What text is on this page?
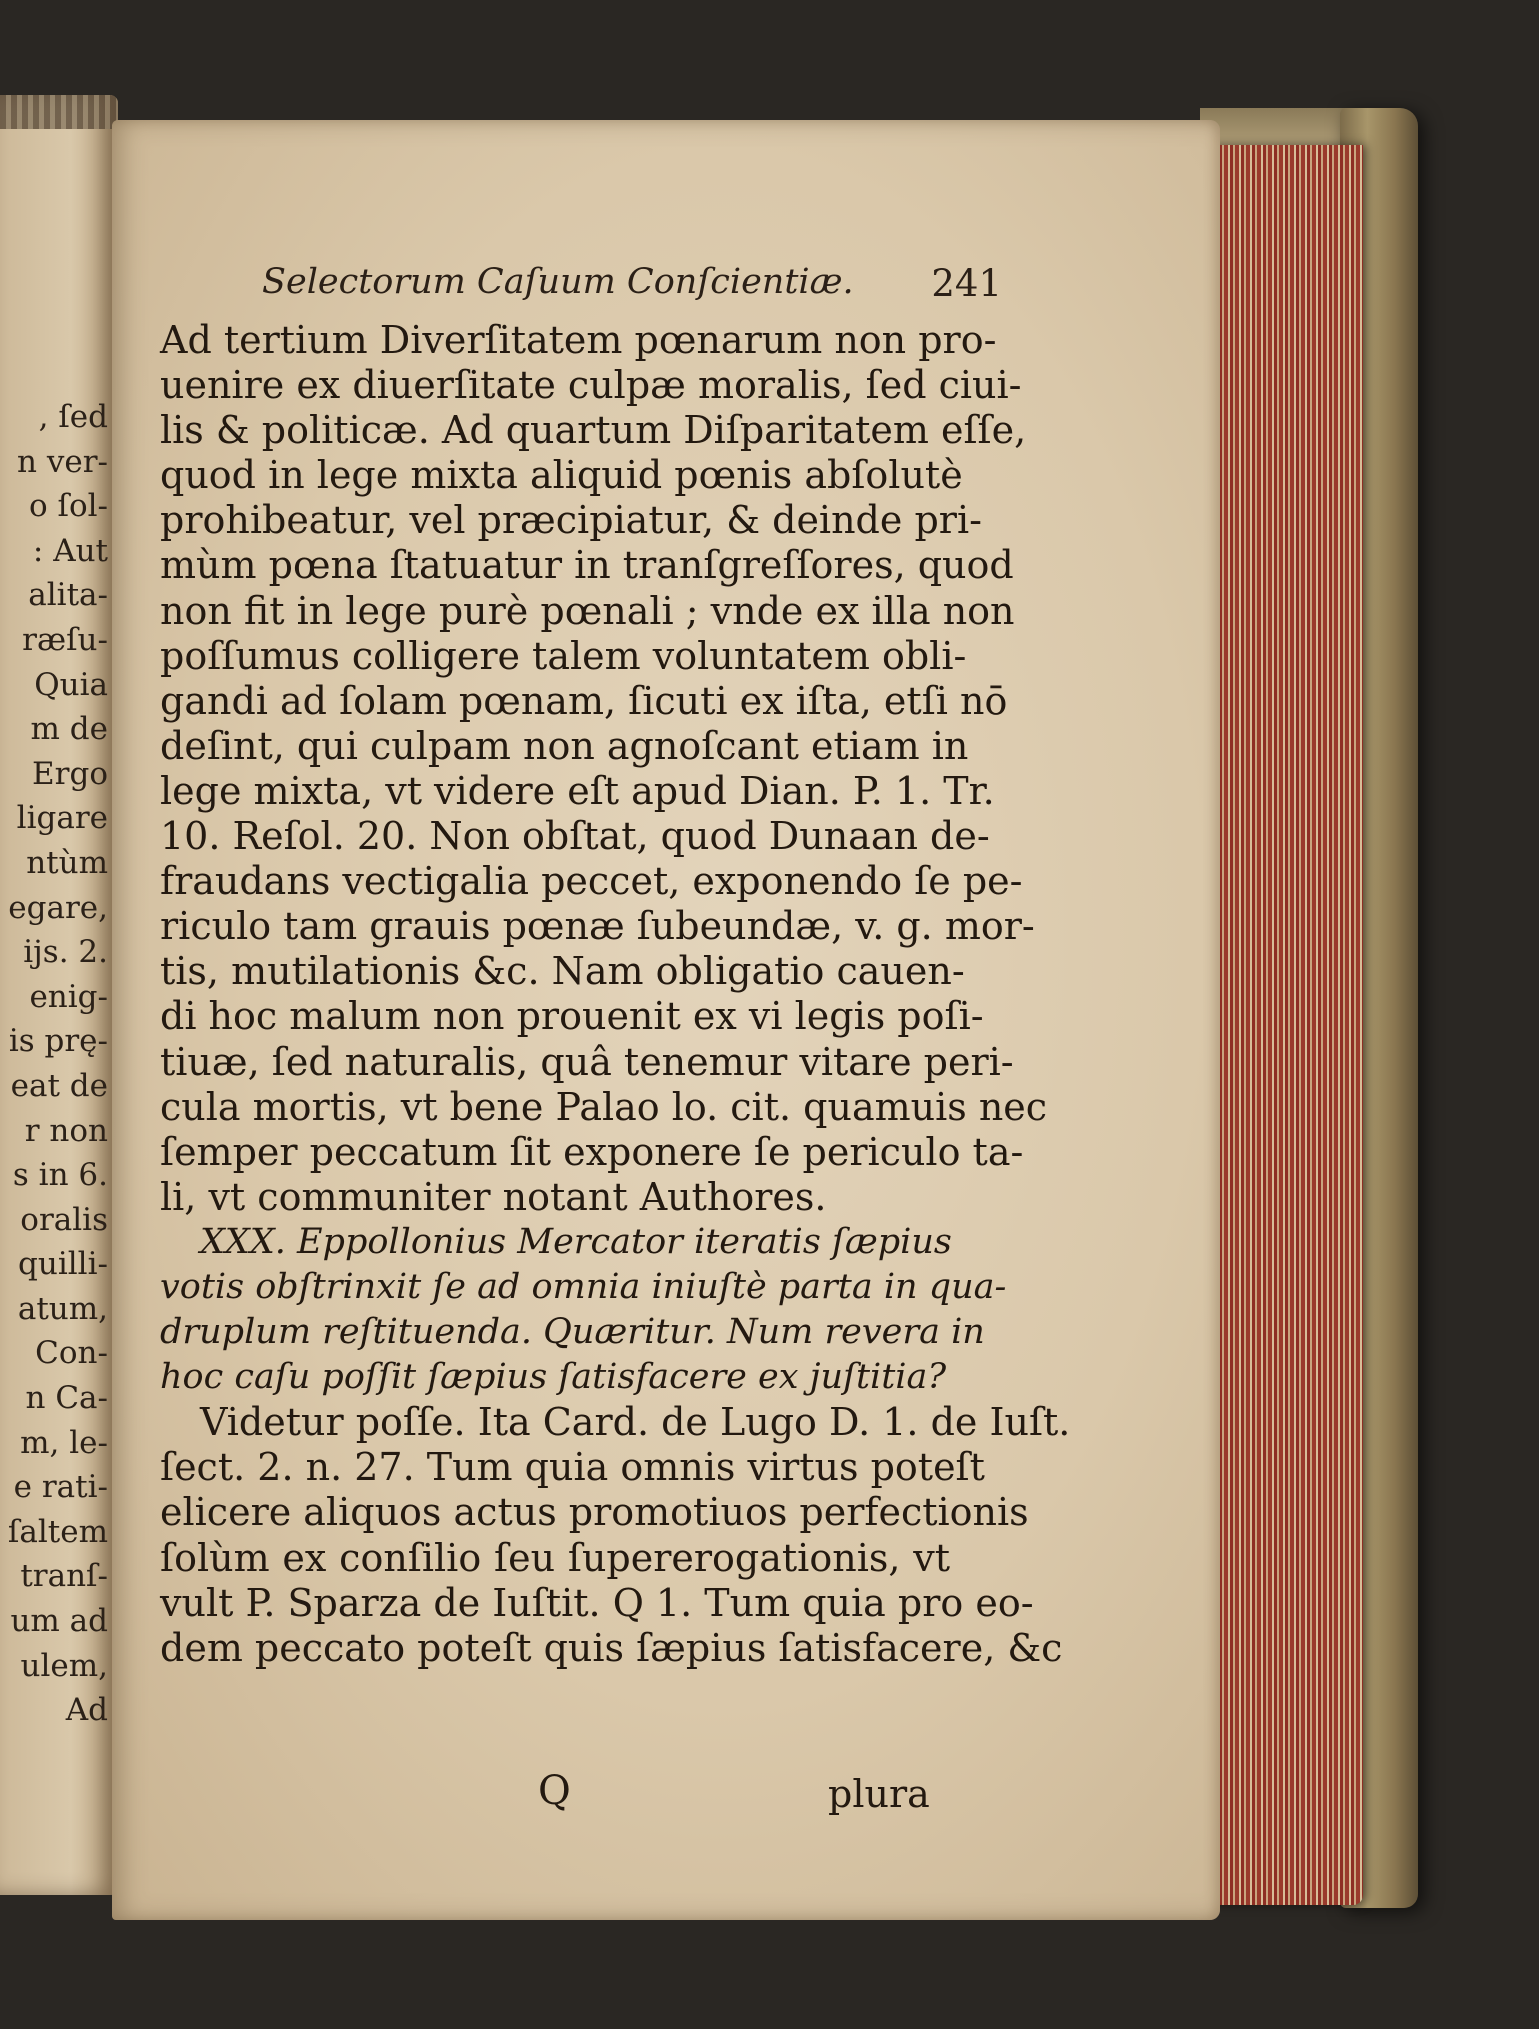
, ſed
n ver-
o ſol-
: Aut
alita-
ræſu-
Quia
m de
Ergo
ligare
ntùm
egare,
ijs. 2.
enig-
is prę-
eat de
r non
s in 6.
oralis
quilli-
atum,
Con-
n Ca-
m, le-
e rati-
ſaltem
tranſ-
um ad
ulem,
Ad
Selectorum Caſuum Conſcientiæ. 241
Ad tertium Diverſitatem pœnarum non pro-
uenire ex diuerſitate culpæ moralis, ſed ciui-
lis & politicæ. Ad quartum Diſparitatem eſſe,
quod in lege mixta aliquid pœnis abſolutè
prohibeatur, vel præcipiatur, & deinde pri-
mùm pœna ſtatuatur in tranſgreſſores, quod
non fit in lege purè pœnali ; vnde ex illa non
poſſumus colligere talem voluntatem obli-
gandi ad ſolam pœnam, ſicuti ex iſta, etſi nō
deſint, qui culpam non agnoſcant etiam in
lege mixta, vt videre eſt apud Dian. P. 1. Tr.
10. Reſol. 20. Non obſtat, quod Dunaan de-
fraudans vectigalia peccet, exponendo ſe pe-
riculo tam grauis pœnæ ſubeundæ, v. g. mor-
tis, mutilationis &c. Nam obligatio cauen-
di hoc malum non prouenit ex vi legis poſi-
tiuæ, ſed naturalis, quâ tenemur vitare peri-
cula mortis, vt bene Palao lo. cit. quamuis nec
ſemper peccatum ſit exponere ſe periculo ta-
li, vt communiter notant Authores.
XXX. Eppollonius Mercator iteratis ſæpius
votis obſtrinxit ſe ad omnia iniuſtè parta in qua-
druplum reſtituenda. Quæritur. Num revera in
hoc caſu poſſit ſæpius ſatisfacere ex juſtitia?
Videtur poſſe. Ita Card. de Lugo D. 1. de Iuſt.
ſect. 2. n. 27. Tum quia omnis virtus poteſt
elicere aliquos actus promotiuos perfectionis
ſolùm ex conſilio ſeu ſupererogationis, vt
vult P. Sparza de Iuſtit. Q 1. Tum quia pro eo-
dem peccato poteſt quis ſæpius ſatisfacere, &c
Q	plura
